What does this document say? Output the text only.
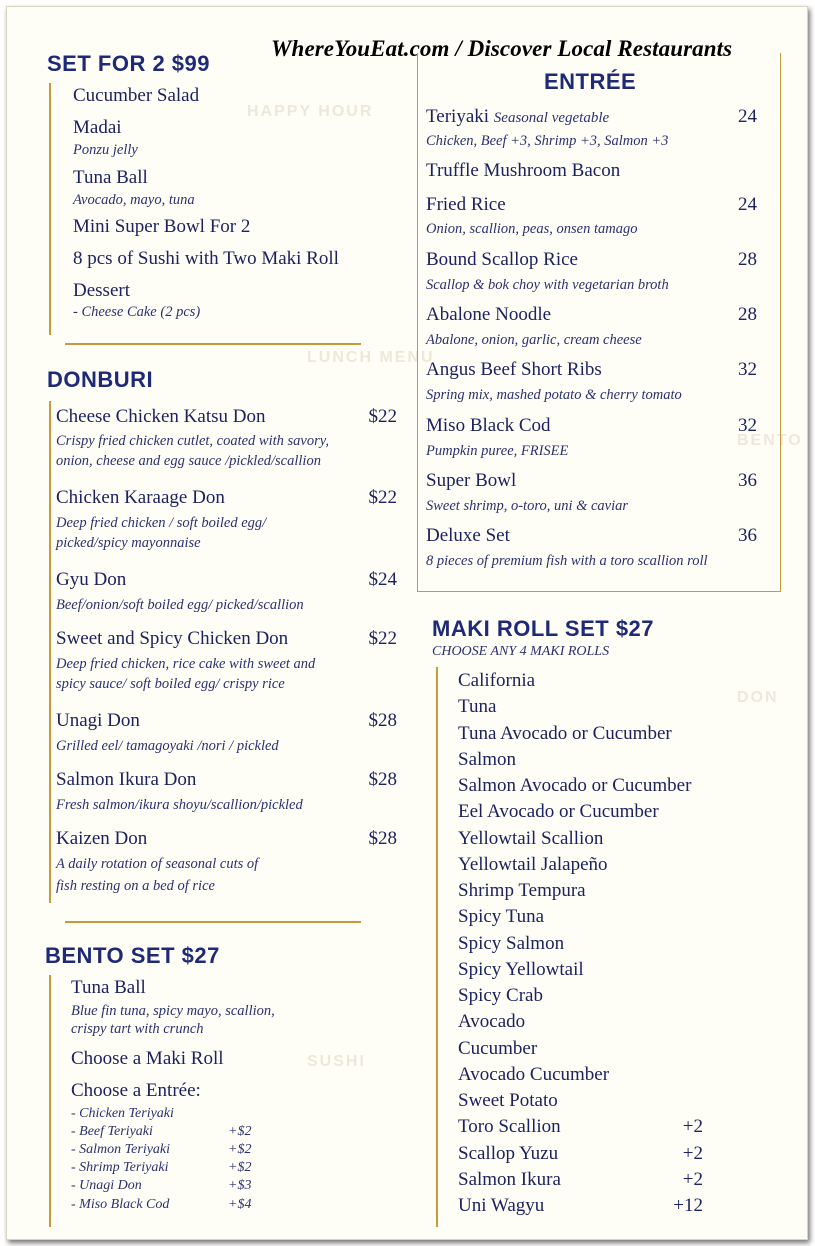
HAPPY HOUR
LUNCH MENU
BENTO
DON
SUSHI
WhereYouEat.com / Discover Local Restaurants
SET FOR 2 $99
Cucumber Salad
Madai
Ponzu jelly
Tuna Ball
Avocado, mayo, tuna
Mini Super Bowl For 2
8 pcs of Sushi with Two Maki Roll
Dessert
- Cheese Cake (2 pcs)
DONBURI
Cheese Chicken Katsu Don	$22
Crispy fried chicken cutlet, coated with savory,
onion, cheese and egg sauce /pickled/scallion
Chicken Karaage Don	$22
Deep fried chicken / soft boiled egg/
picked/spicy mayonnaise
Gyu Don	$24
Beef/onion/soft boiled egg/ picked/scallion
Sweet and Spicy Chicken Don	$22
Deep fried chicken, rice cake with sweet and
spicy sauce/ soft boiled egg/ crispy rice
Unagi Don	$28
Grilled eel/ tamagoyaki /nori / pickled
Salmon Ikura Don	$28
Fresh salmon/ikura shoyu/scallion/pickled
Kaizen Don	$28
A daily rotation of seasonal cuts of
fish resting on a bed of rice
BENTO SET $27
Tuna Ball
Blue fin tuna, spicy mayo, scallion,
crispy tart with crunch
Choose a Maki Roll
Choose a Entrée:
- Chicken Teriyaki
- Beef Teriyaki	+$2
- Salmon Teriyaki	+$2
- Shrimp Teriyaki	+$2
- Unagi Don	+$3
- Miso Black Cod	+$4
ENTRÉE
Teriyaki Seasonal vegetable	24
Chicken, Beef +3, Shrimp +3, Salmon +3
Truffle Mushroom Bacon
Fried Rice	24
Onion, scallion, peas, onsen tamago
Bound Scallop Rice	28
Scallop & bok choy with vegetarian broth
Abalone Noodle	28
Abalone, onion, garlic, cream cheese
Angus Beef Short Ribs	32
Spring mix, mashed potato & cherry tomato
Miso Black Cod	32
Pumpkin puree, FRISEE
Super Bowl	36
Sweet shrimp, o-toro, uni & caviar
Deluxe Set	36
8 pieces of premium fish with a toro scallion roll
MAKI ROLL SET $27
CHOOSE ANY 4 MAKI ROLLS
California
Tuna
Tuna Avocado or Cucumber
Salmon
Salmon Avocado or Cucumber
Eel Avocado or Cucumber
Yellowtail Scallion
Yellowtail Jalapeño
Shrimp Tempura
Spicy Tuna
Spicy Salmon
Spicy Yellowtail
Spicy Crab
Avocado
Cucumber
Avocado Cucumber
Sweet Potato
Toro Scallion	+2
Scallop Yuzu	+2
Salmon Ikura	+2
Uni Wagyu	+12
